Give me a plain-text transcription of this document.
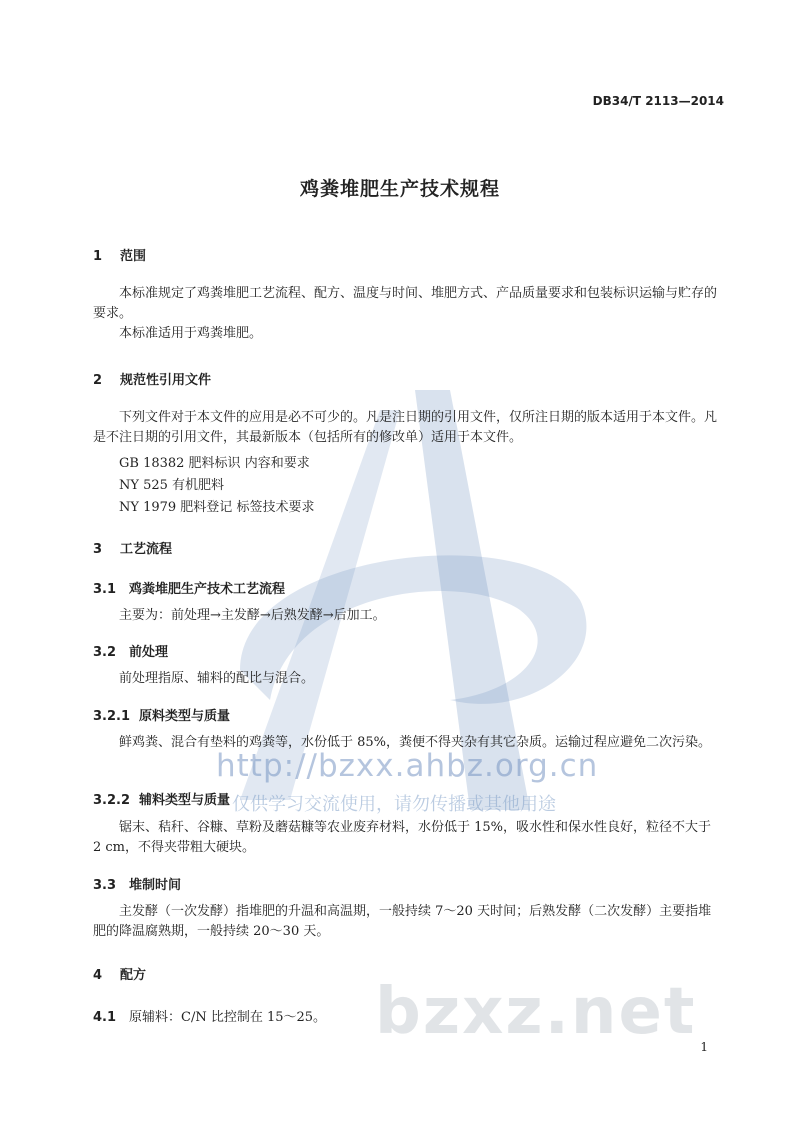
DB34/T 2113—2014
鸡粪堆肥生产技术规程
1 范围
本标准规定了鸡粪堆肥工艺流程、配方、温度与时间、堆肥方式、产品质量要求和包装标识运输与贮存的要求。
本标准适用于鸡粪堆肥。
2 规范性引用文件
下列文件对于本文件的应用是必不可少的。凡是注日期的引用文件，仅所注日期的版本适用于本文件。凡是不注日期的引用文件，其最新版本（包括所有的修改单）适用于本文件。
GB 18382 肥料标识 内容和要求
NY 525 有机肥料
NY 1979 肥料登记 标签技术要求
3 工艺流程
3.1 鸡粪堆肥生产技术工艺流程
主要为：前处理→主发酵→后熟发酵→后加工。
3.2 前处理
前处理指原、辅料的配比与混合。
3.2.1 原料类型与质量
鲜鸡粪、混合有垫料的鸡粪等，水份低于 85%，粪便不得夹杂有其它杂质。运输过程应避免二次污染。
3.2.2 辅料类型与质量
锯末、秸秆、谷糠、草粉及蘑菇糠等农业废弃材料，水份低于 15%，吸水性和保水性良好，粒径不大于 2 cm，不得夹带粗大硬块。
3.3 堆制时间
主发酵（一次发酵）指堆肥的升温和高温期，一般持续 7～20 天时间；后熟发酵（二次发酵）主要指堆肥的降温腐熟期，一般持续 20～30 天。
4 配方
4.1 原辅料：C/N 比控制在 15～25。
http://bzxx.ahbz.org.cn
仅供学习交流使用，请勿传播或其他用途
bzxz.net 1
